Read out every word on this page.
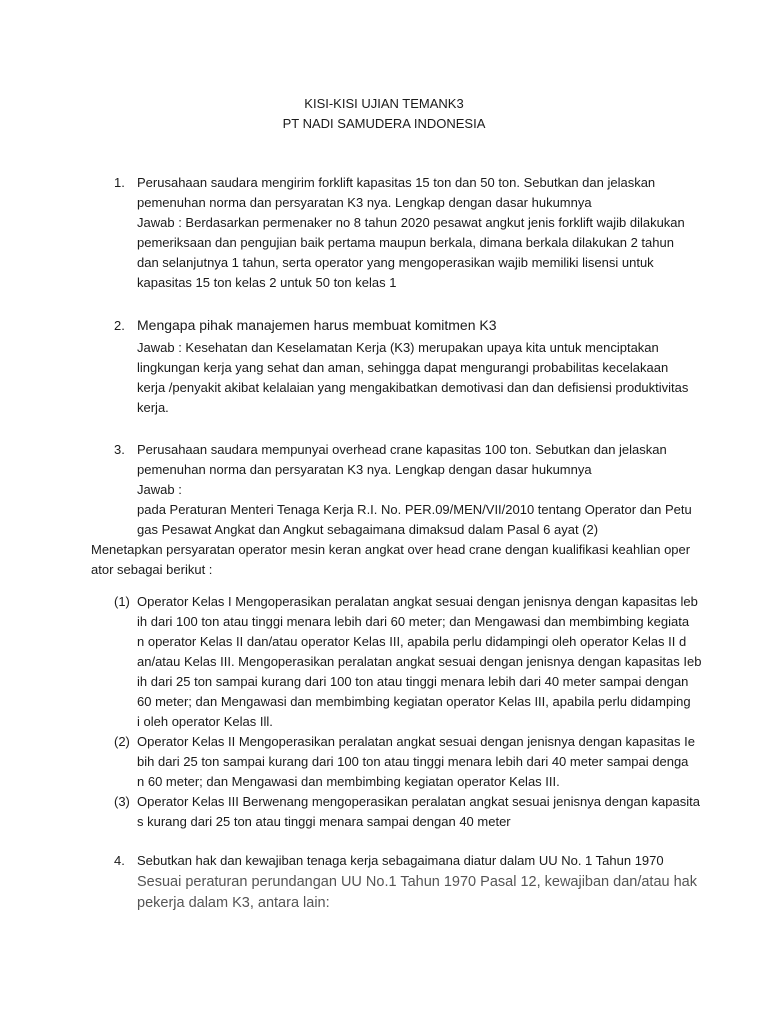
KISI-KISI UJIAN TEMANK3
PT NADI SAMUDERA INDONESIA
1. Perusahaan saudara mengirim forklift kapasitas 15 ton dan 50 ton. Sebutkan dan jelaskan
pemenuhan norma dan persyaratan K3 nya. Lengkap dengan dasar hukumnya
Jawab : Berdasarkan permenaker no 8 tahun 2020 pesawat angkut jenis forklift wajib dilakukan
pemeriksaan dan pengujian baik pertama maupun berkala, dimana berkala dilakukan 2 tahun
dan selanjutnya 1 tahun, serta operator yang mengoperasikan wajib memiliki lisensi untuk
kapasitas 15 ton kelas 2 untuk 50 ton kelas 1
2. Mengapa pihak manajemen harus membuat komitmen K3
Jawab : Kesehatan dan Keselamatan Kerja (K3) merupakan upaya kita untuk menciptakan
lingkungan kerja yang sehat dan aman, sehingga dapat mengurangi probabilitas kecelakaan
kerja /penyakit akibat kelalaian yang mengakibatkan demotivasi dan dan defisiensi produktivitas
kerja.
3. Perusahaan saudara mempunyai overhead crane kapasitas 100 ton. Sebutkan dan jelaskan
pemenuhan norma dan persyaratan K3 nya. Lengkap dengan dasar hukumnya
Jawab :
pada Peraturan Menteri Tenaga Kerja R.I. No. PER.09/MEN/VII/2010 tentang Operator dan Petu
gas Pesawat Angkat dan Angkut sebagaimana dimaksud dalam Pasal 6 ayat (2)
Menetapkan persyaratan operator mesin keran angkat over head crane dengan kualifikasi keahlian oper
ator sebagai berikut :
(1) Operator Kelas I Mengoperasikan peralatan angkat sesuai dengan jenisnya dengan kapasitas leb
ih dari 100 ton atau tinggi menara lebih dari 60 meter; dan Mengawasi dan membimbing kegiata
n operator Kelas II dan/atau operator Kelas III, apabila perlu didampingi oleh operator Kelas II d
an/atau Kelas III. Mengoperasikan peralatan angkat sesuai dengan jenisnya dengan kapasitas Ieb
ih dari 25 ton sampai kurang dari 100 ton atau tinggi menara lebih dari 40 meter sampai dengan
60 meter; dan Mengawasi dan membimbing kegiatan operator Kelas III, apabila perlu didamping
i oleh operator Kelas Ill.
(2) Operator Kelas II Mengoperasikan peralatan angkat sesuai dengan jenisnya dengan kapasitas Ie
bih dari 25 ton sampai kurang dari 100 ton atau tinggi menara lebih dari 40 meter sampai denga
n 60 meter; dan Mengawasi dan membimbing kegiatan operator Kelas III.
(3) Operator Kelas III Berwenang mengoperasikan peralatan angkat sesuai jenisnya dengan kapasita
s kurang dari 25 ton atau tinggi menara sampai dengan 40 meter
4. Sebutkan hak dan kewajiban tenaga kerja sebagaimana diatur dalam UU No. 1 Tahun 1970
Sesuai peraturan perundangan UU No.1 Tahun 1970 Pasal 12, kewajiban dan/atau hak
pekerja dalam K3, antara lain:
